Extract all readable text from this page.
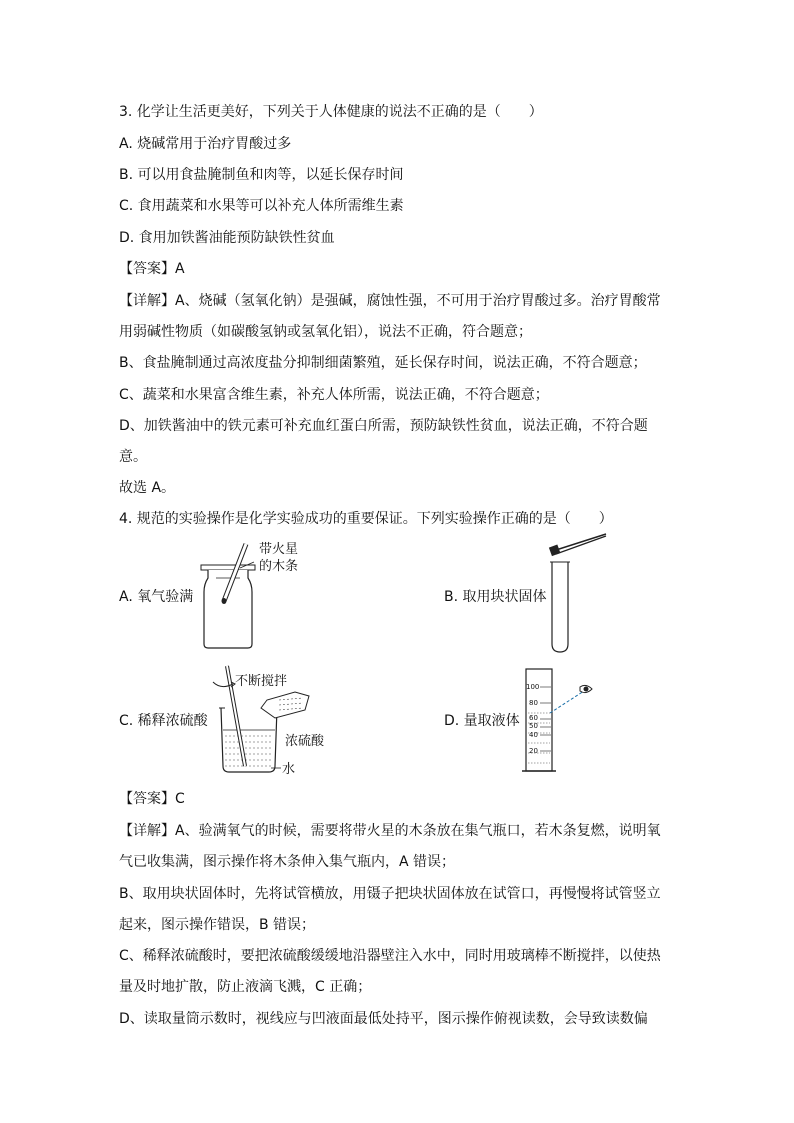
3. 化学让生活更美好，下列关于人体健康的说法不正确的是（　　）
A. 烧碱常用于治疗胃酸过多
B. 可以用食盐腌制鱼和肉等，以延长保存时间
C. 食用蔬菜和水果等可以补充人体所需维生素
D. 食用加铁酱油能预防缺铁性贫血
【答案】A
【详解】A、烧碱（氢氧化钠）是强碱，腐蚀性强，不可用于治疗胃酸过多。治疗胃酸常
用弱碱性物质（如碳酸氢钠或氢氧化铝），说法不正确，符合题意；
B、食盐腌制通过高浓度盐分抑制细菌繁殖，延长保存时间，说法正确，不符合题意；
C、蔬菜和水果富含维生素，补充人体所需，说法正确，不符合题意；
D、加铁酱油中的铁元素可补充血红蛋白所需，预防缺铁性贫血，说法正确，不符合题
意。
故选 A。
4. 规范的实验操作是化学实验成功的重要保证。下列实验操作正确的是（　　）
A. 氧气验满
带火星
的木条
B. 取用块状固体
C. 稀释浓硫酸
不断搅拌
浓硫酸
水
D. 量取液体
100
80
60
50
40
20
【答案】C
【详解】A、验满氧气的时候，需要将带火星的木条放在集气瓶口，若木条复燃，说明氧
气已收集满，图示操作将木条伸入集气瓶内，A 错误；
B、取用块状固体时，先将试管横放，用镊子把块状固体放在试管口，再慢慢将试管竖立
起来，图示操作错误，B 错误；
C、稀释浓硫酸时，要把浓硫酸缓缓地沿器壁注入水中，同时用玻璃棒不断搅拌，以使热
量及时地扩散，防止液滴飞溅，C 正确；
D、读取量筒示数时，视线应与凹液面最低处持平，图示操作俯视读数，会导致读数偏
